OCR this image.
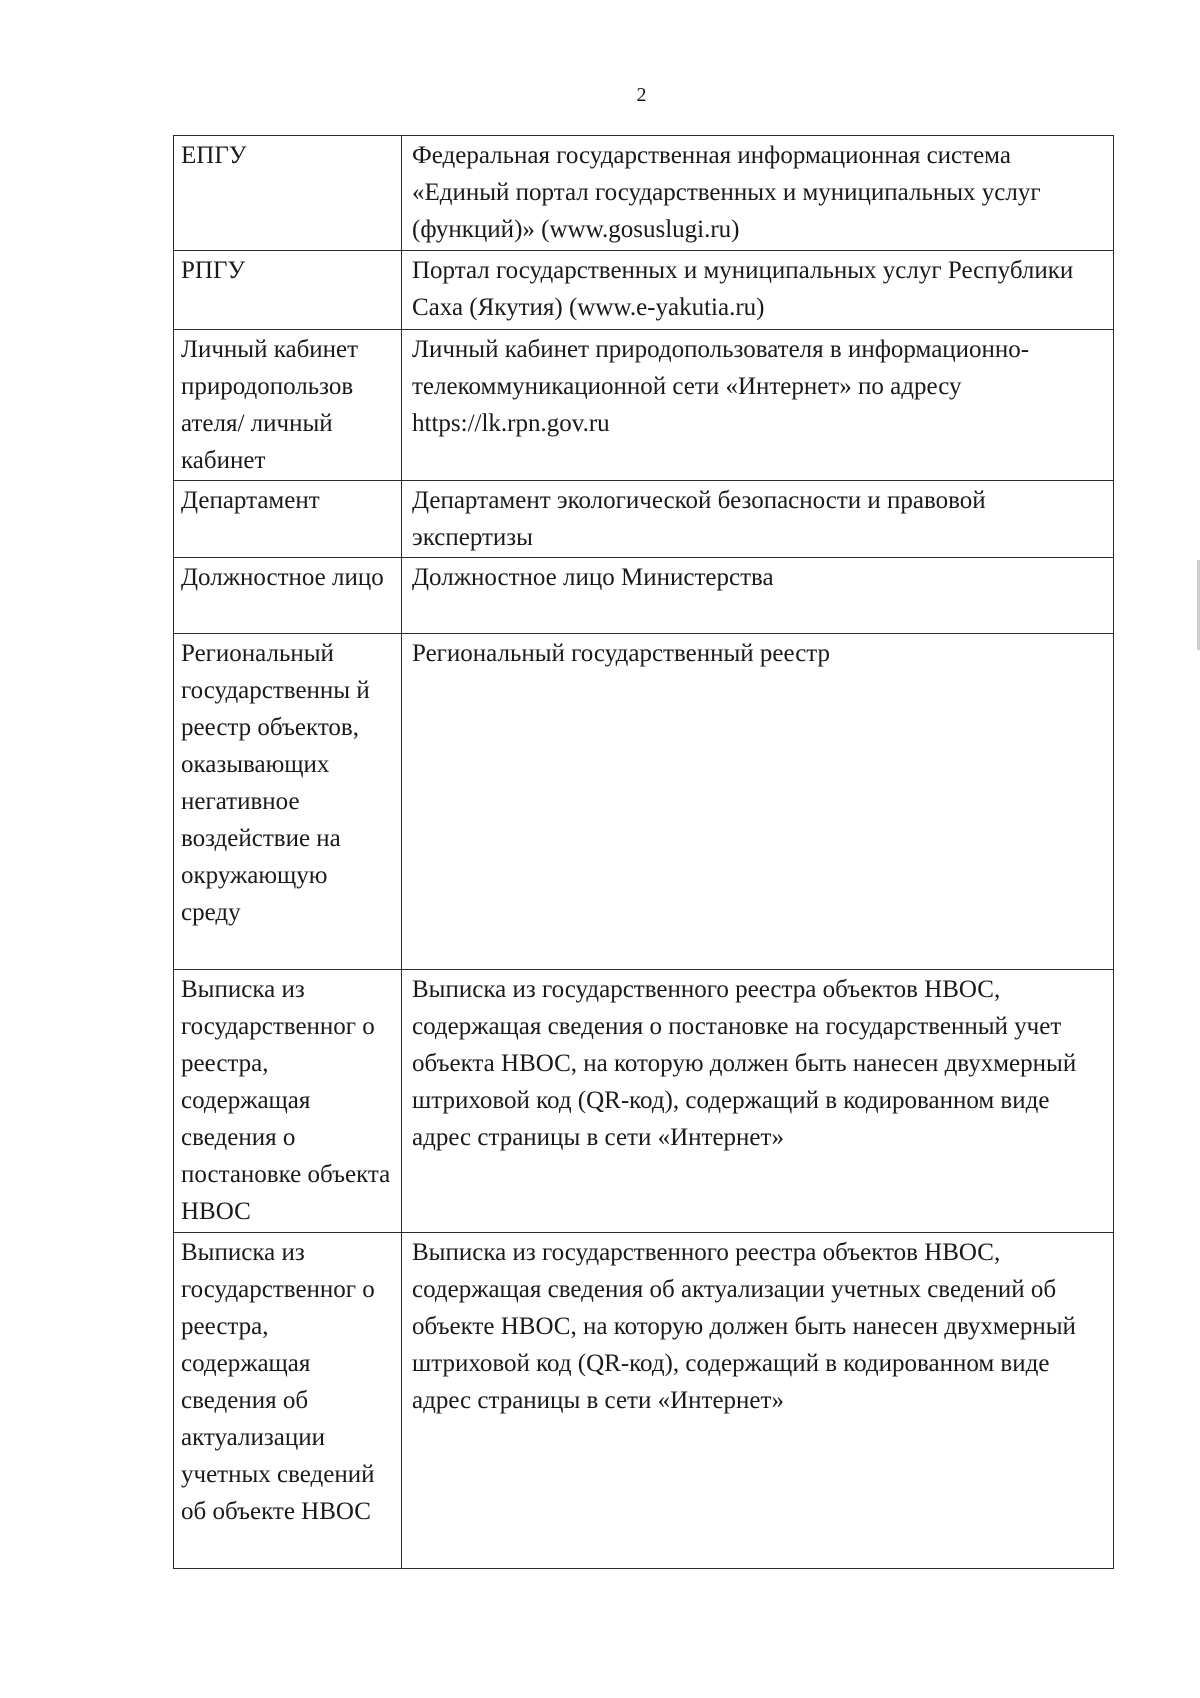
2
ЕПГУ	Федеральная государственная информационная система «Единый портал государственных и муниципальных услуг (функций)» (www.gosuslugi.ru)
РПГУ	Портал государственных и муниципальных услуг Республики Саха (Якутия) (www.e-yakutia.ru)
Личный кабинет природопользов ателя/ личный кабинет	Личный кабинет природопользователя в информационно-телекоммуникационной сети «Интернет» по адресу https://lk.rpn.gov.ru
Департамент	Департамент экологической безопасности и правовой экспертизы
Должностное лицо	Должностное лицо Министерства
Региональный государственны й реестр объектов, оказывающих негативное воздействие на окружающую среду	Региональный государственный реестр
Выписка из государственног о реестра, содержащая сведения о постановке объекта НВОС	Выписка из государственного реестра объектов НВОС, содержащая сведения о постановке на государственный учет объекта НВОС, на которую должен быть нанесен двухмерный штриховой код (QR-код), содержащий в кодированном виде адрес страницы в сети «Интернет»
Выписка из государственног о реестра, содержащая сведения об актуализации учетных сведений об объекте НВОС	Выписка из государственного реестра объектов НВОС, содержащая сведения об актуализации учетных сведений об объекте НВОС, на которую должен быть нанесен двухмерный штриховой код (QR-код), содержащий в кодированном виде адрес страницы в сети «Интернет»
